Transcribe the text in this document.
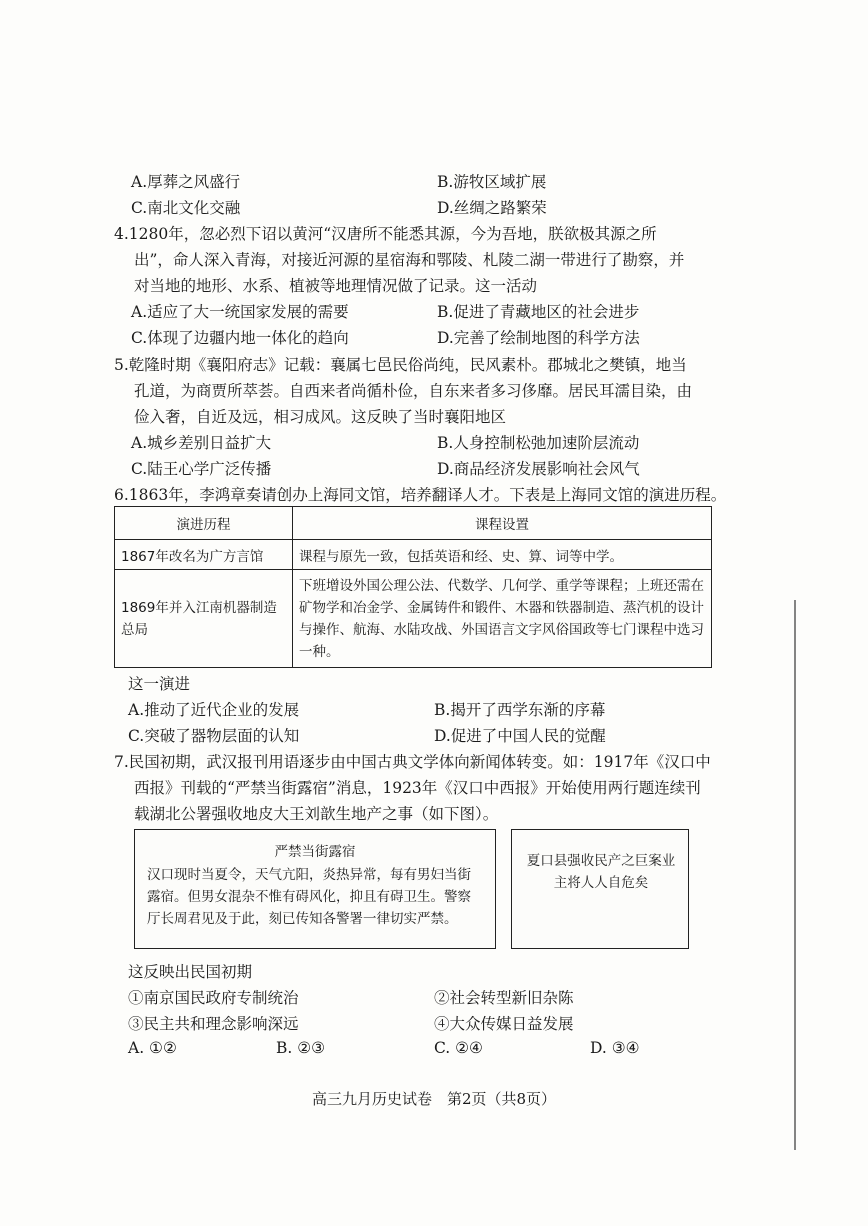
A.厚葬之风盛行	B.游牧区域扩展
C.南北文化交融	D.丝绸之路繁荣
4.1280年，忽必烈下诏以黄河“汉唐所不能悉其源，今为吾地，朕欲极其源之所
出”，命人深入青海，对接近河源的星宿海和鄂陵、札陵二湖一带进行了勘察，并
对当地的地形、水系、植被等地理情况做了记录。这一活动
A.适应了大一统国家发展的需要	B.促进了青藏地区的社会进步
C.体现了边疆内地一体化的趋向	D.完善了绘制地图的科学方法
5.乾隆时期《襄阳府志》记载：襄属七邑民俗尚纯，民风素朴。郡城北之樊镇，地当
孔道，为商贾所萃荟。自西来者尚循朴俭，自东来者多习侈靡。居民耳濡目染，由
俭入奢，自近及远，相习成风。这反映了当时襄阳地区
A.城乡差别日益扩大	B.人身控制松弛加速阶层流动
C.陆王心学广泛传播	D.商品经济发展影响社会风气
6.1863年，李鸿章奏请创办上海同文馆，培养翻译人才。下表是上海同文馆的演进历程。
演进历程	课程设置
1867年改名为广方言馆	课程与原先一致，包括英语和经、史、算、词等中学。
1869年并入江南机器制造总局	下班增设外国公理公法、代数学、几何学、重学等课程；上班还需在矿物学和冶金学、金属铸件和锻件、木器和铁器制造、蒸汽机的设计与操作、航海、水陆攻战、外国语言文字风俗国政等七门课程中选习一种。
这一演进
A.推动了近代企业的发展	B.揭开了西学东渐的序幕
C.突破了器物层面的认知	D.促进了中国人民的觉醒
7.民国初期，武汉报刊用语逐步由中国古典文学体向新闻体转变。如：1917年《汉口中
西报》刊载的“严禁当街露宿”消息，1923年《汉口中西报》开始使用两行题连续刊
载湖北公署强收地皮大王刘歆生地产之事（如下图）。
严禁当街露宿
汉口现时当夏令，天气亢阳，炎热异常，每有男妇当街露宿。但男女混杂不惟有碍风化，抑且有碍卫生。警察厅长周君见及于此，刻已传知各警署一律切实严禁。
夏口县强收民产之巨案业主将人人自危矣
这反映出民国初期
①南京国民政府专制统治	②社会转型新旧杂陈
③民主共和理念影响深远	④大众传媒日益发展
A. ①②	B. ②③	C. ②④	D. ③④
高三九月历史试卷　第2页（共8页）
